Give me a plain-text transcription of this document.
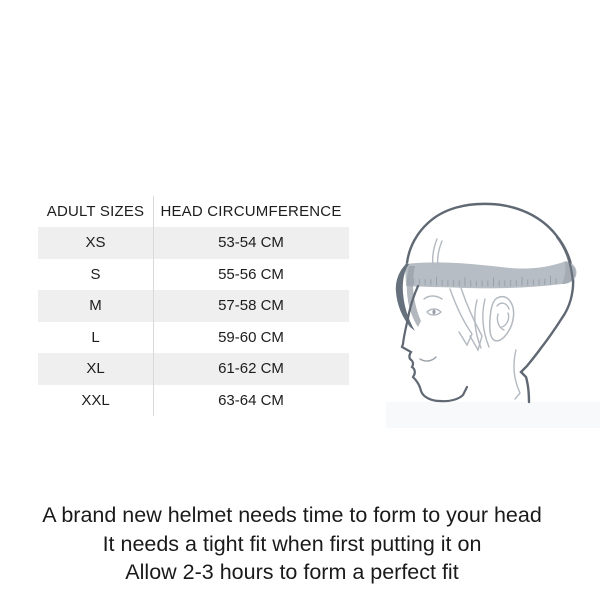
ADULT SIZES	HEAD CIRCUMFERENCE
XS	53-54 CM
S	55-56 CM
M	57-58 CM
L	59-60 CM
XL	61-62 CM
XXL	63-64 CM
A brand new helmet needs time to form to your head
It needs a tight fit when first putting it on
Allow 2-3 hours to form a perfect fit
